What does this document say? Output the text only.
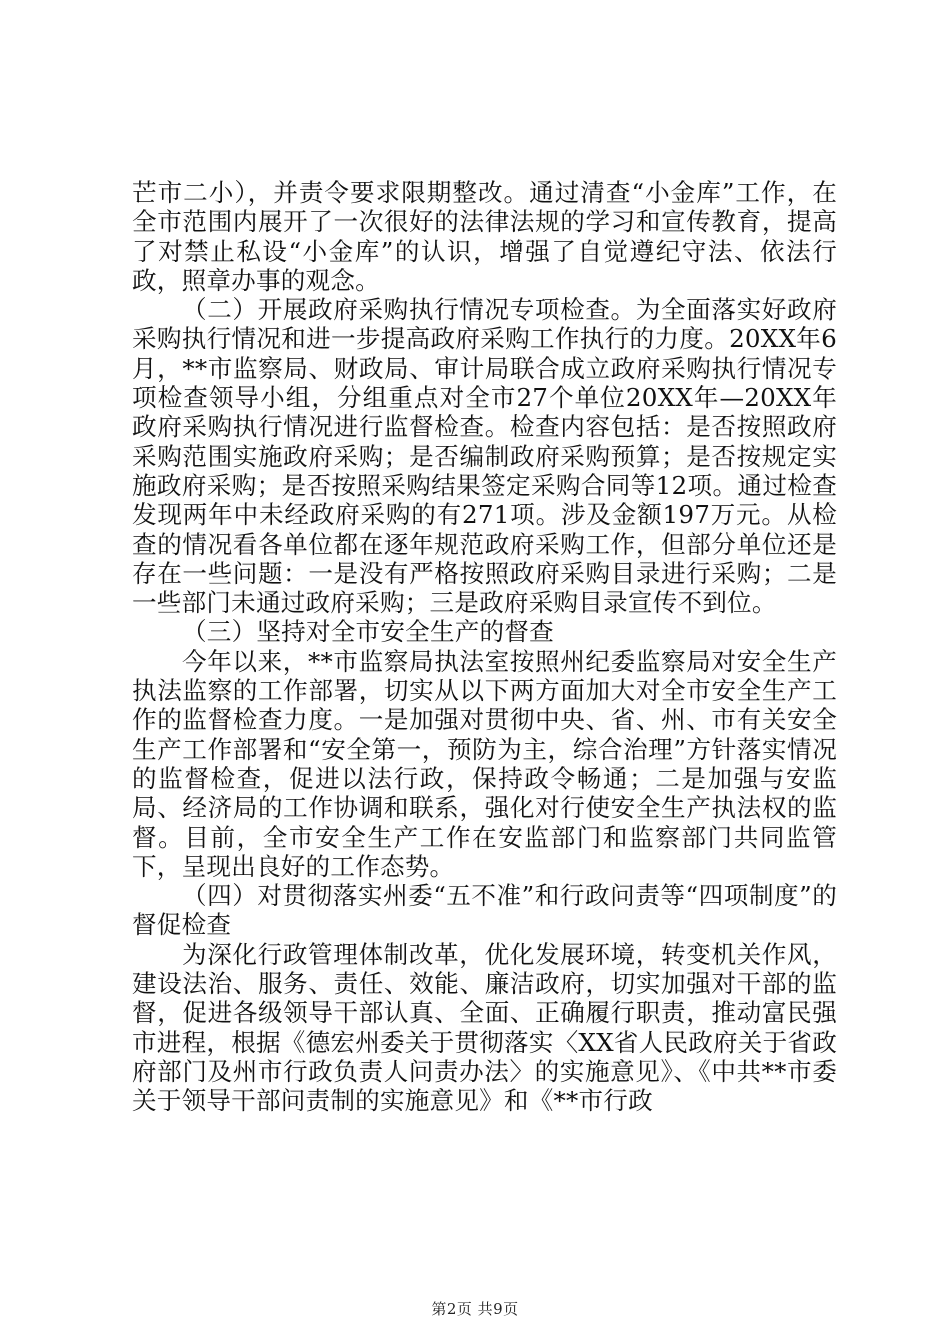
芒市二小），并责令要求限期整改。通过清查“小金库”工作，在全市范围内展开了一次很好的法律法规的学习和宣传教育，提高了对禁止私设“小金库”的认识，增强了自觉遵纪守法、依法行政，照章办事的观念。

（二）开展政府采购执行情况专项检查。为全面落实好政府采购执行情况和进一步提高政府采购工作执行的力度。20XX年6月，**市监察局、财政局、审计局联合成立政府采购执行情况专项检查领导小组，分组重点对全市27个单位20XX年—20XX年政府采购执行情况进行监督检查。检查内容包括：是否按照政府采购范围实施政府采购；是否编制政府采购预算；是否按规定实施政府采购；是否按照采购结果签定采购合同等12项。通过检查发现两年中未经政府采购的有271项。涉及金额197万元。从检查的情况看各单位都在逐年规范政府采购工作，但部分单位还是存在一些问题：一是没有严格按照政府采购目录进行采购；二是一些部门未通过政府采购；三是政府采购目录宣传不到位。

（三）坚持对全市安全生产的督查

今年以来，**市监察局执法室按照州纪委监察局对安全生产执法监察的工作部署，切实从以下两方面加大对全市安全生产工作的监督检查力度。一是加强对贯彻中央、省、州、市有关安全生产工作部署和“安全第一，预防为主，综合治理”方针落实情况的监督检查，促进以法行政，保持政令畅通；二是加强与安监局、经济局的工作协调和联系，强化对行使安全生产执法权的监督。目前，全市安全生产工作在安监部门和监察部门共同监管下，呈现出良好的工作态势。

（四）对贯彻落实州委“五不准”和行政问责等“四项制度”的督促检查

为深化行政管理体制改革，优化发展环境，转变机关作风，建设法治、服务、责任、效能、廉洁政府，切实加强对干部的监督，促进各级领导干部认真、全面、正确履行职责，推动富民强市进程，根据《德宏州委关于贯彻落实〈XX省人民政府关于省政府部门及州市行政负责人问责办法〉的实施意见》、《中共**市委关于领导干部问责制的实施意见》和《**市行政

第2页 共9页
